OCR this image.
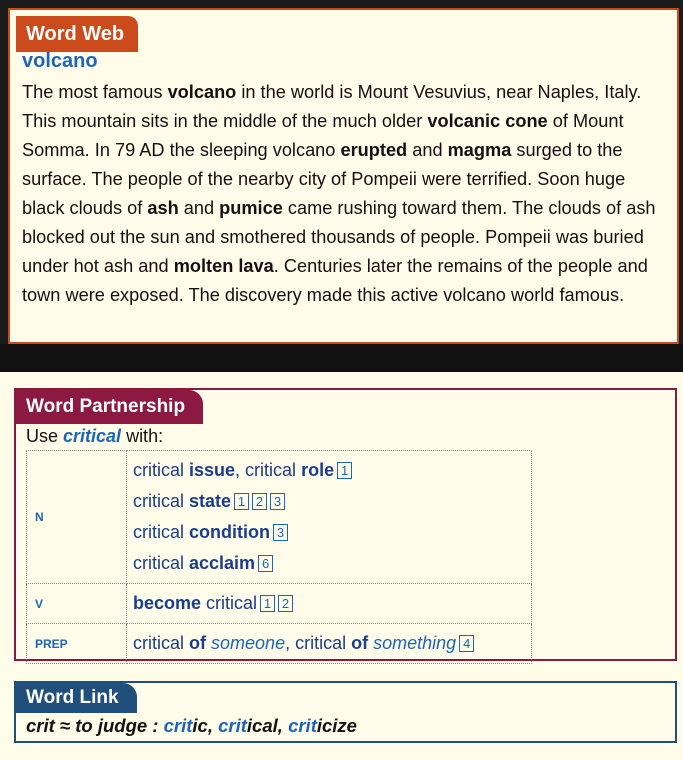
Word Web
volcano
The most famous volcano in the world is Mount Vesuvius, near Naples, Italy. This mountain sits in the middle of the much older volcanic cone of Mount Somma. In 79 AD the sleeping volcano erupted and magma surged to the surface. The people of the nearby city of Pompeii were terrified. Soon huge black clouds of ash and pumice came rushing toward them. The clouds of ash blocked out the sun and smothered thousands of people. Pompeii was buried under hot ash and molten lava. Centuries later the remains of the people and town were exposed. The discovery made this active volcano world famous.
Word Partnership
Use critical with:
N	critical issue, critical role 1
critical state 1 2 3
critical condition 3
critical acclaim 6

V	become critical 1 2

PREP	critical of someone, critical of something 4
Word Link
crit ≈ to judge : critic, critical, criticize
